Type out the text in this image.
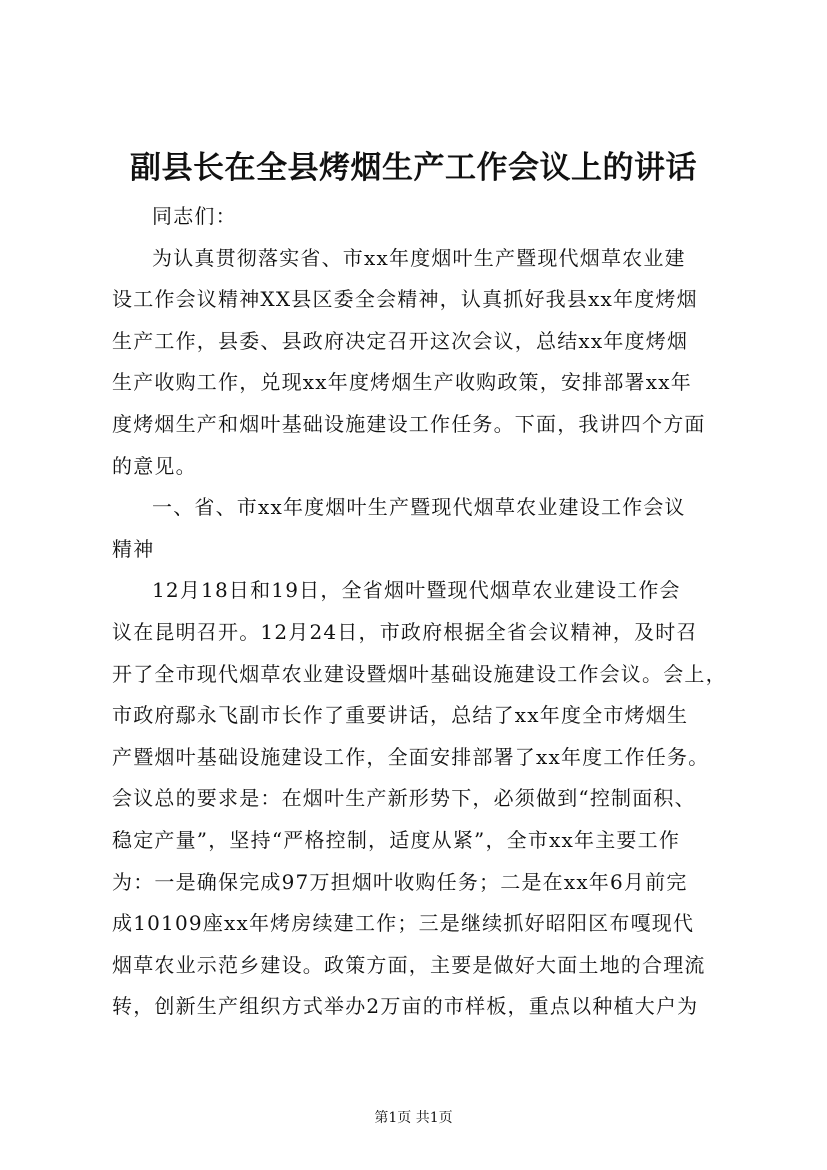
副县长在全县烤烟生产工作会议上的讲话

同志们：

为认真贯彻落实省、市xx年度烟叶生产暨现代烟草农业建
设工作会议精神XX县区委全会精神，认真抓好我县xx年度烤烟
生产工作，县委、县政府决定召开这次会议，总结xx年度烤烟
生产收购工作，兑现xx年度烤烟生产收购政策，安排部署xx年
度烤烟生产和烟叶基础设施建设工作任务。下面，我讲四个方面
的意见。

一、省、市xx年度烟叶生产暨现代烟草农业建设工作会议
精神

12月18日和19日，全省烟叶暨现代烟草农业建设工作会
议在昆明召开。12月24日，市政府根据全省会议精神，及时召
开了全市现代烟草农业建设暨烟叶基础设施建设工作会议。会上，
市政府鄢永飞副市长作了重要讲话，总结了xx年度全市烤烟生
产暨烟叶基础设施建设工作，全面安排部署了xx年度工作任务。
会议总的要求是：在烟叶生产新形势下，必须做到“控制面积、
稳定产量”，坚持“严格控制，适度从紧”，全市xx年主要工作
为：一是确保完成97万担烟叶收购任务；二是在xx年6月前完
成10109座xx年烤房续建工作；三是继续抓好昭阳区布嘎现代
烟草农业示范乡建设。政策方面，主要是做好大面土地的合理流
转，创新生产组织方式举办2万亩的市样板，重点以种植大户为

第1页 共1页
